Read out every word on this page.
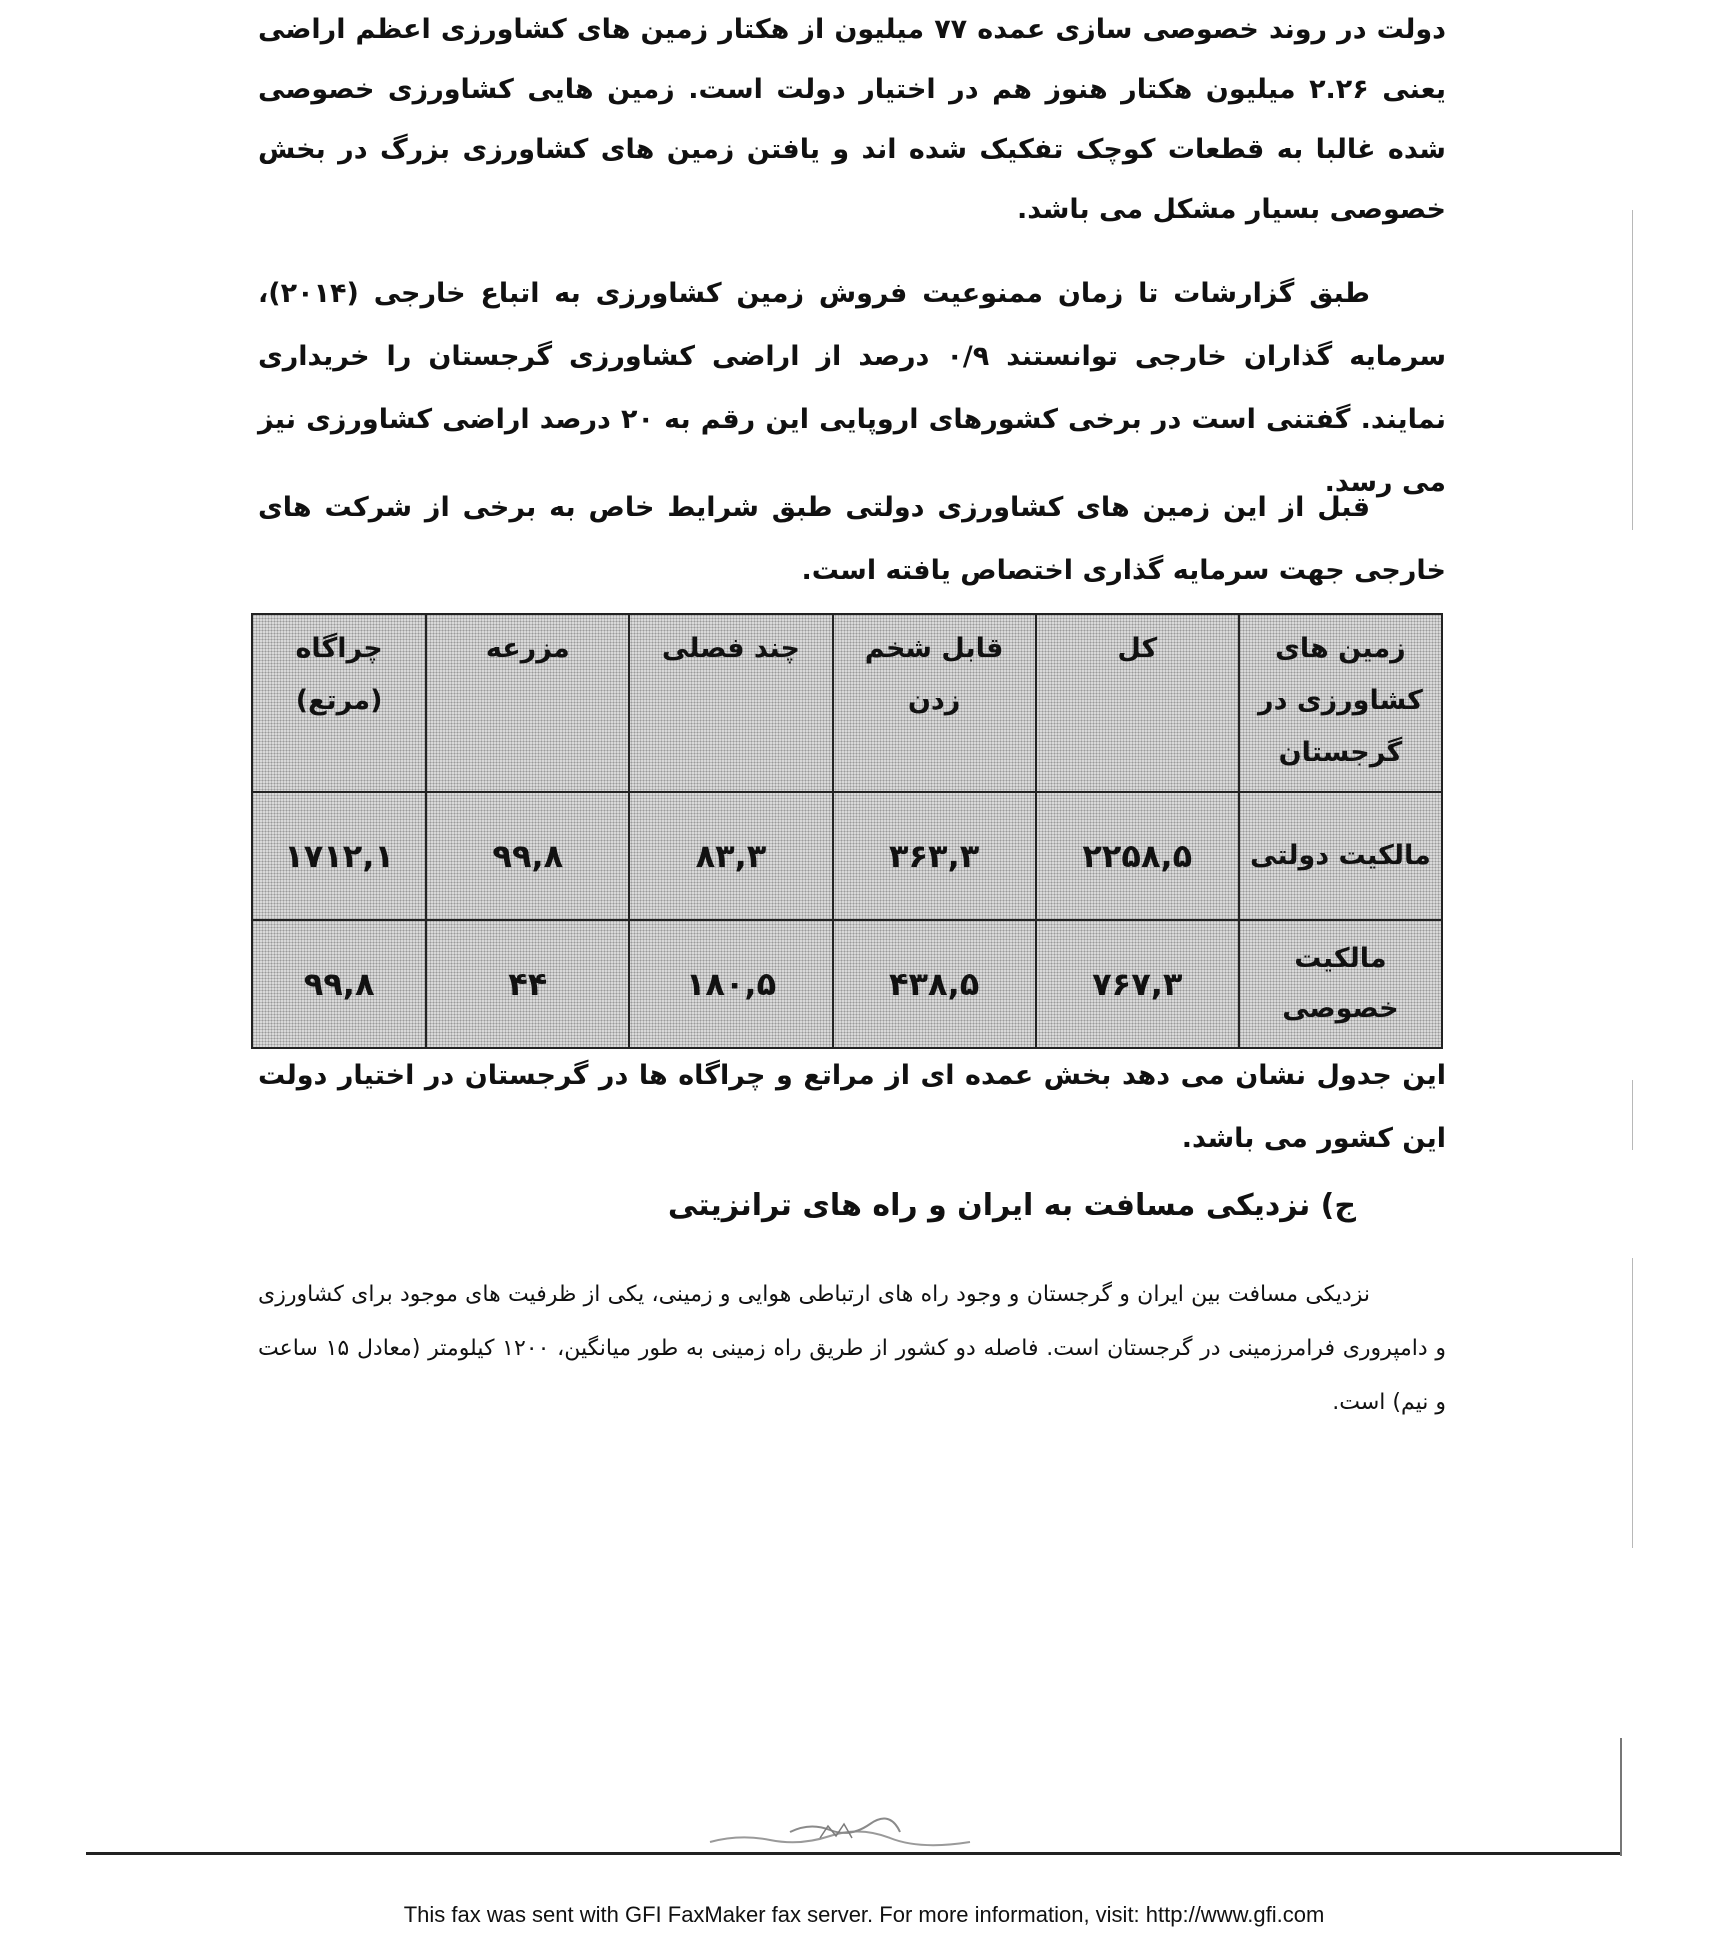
دولت در روند خصوصی سازی عمده ۷۷ میلیون از هکتار زمین های کشاورزی اعظم اراضی یعنی ۲.۲۶ میلیون هکتار هنوز هم در اختیار دولت است. زمین هایی کشاورزی خصوصی شده غالبا به قطعات کوچک تفکیک شده اند و یافتن زمین های کشاورزی بزرگ در بخش خصوصی بسیار مشکل می باشد.

طبق گزارشات تا زمان ممنوعیت فروش زمین کشاورزی به اتباع خارجی (۲۰۱۴)، سرمایه گذاران خارجی توانستند ۰/۹ درصد از اراضی کشاورزی گرجستان را خریداری نمایند. گفتنی است در برخی کشورهای اروپایی این رقم به ۲۰ درصد اراضی کشاورزی نیز می رسد.

قبل از این زمین های کشاورزی دولتی طبق شرایط خاص به برخی از شرکت های خارجی جهت سرمایه گذاری اختصاص یافته است.

زمین های کشاورزی در گرجستان	کل	قابل شخم زدن	چند فصلی	مزرعه	چراگاه (مرتع)
مالکیت دولتی	۲۲۵۸,۵	۳۶۳,۳	۸۳,۳	۹۹,۸	۱۷۱۲,۱
مالکیت خصوصی	۷۶۷,۳	۴۳۸,۵	۱۸۰,۵	۴۴	۹۹,۸

این جدول نشان می دهد بخش عمده ای از مراتع و چراگاه ها در گرجستان در اختیار دولت این کشور می باشد.

ج) نزدیکی مسافت به ایران و راه های ترانزیتی

نزدیکی مسافت بین ایران و گرجستان و وجود راه های ارتباطی هوایی و زمینی، یکی از ظرفیت های موجود برای کشاورزی و دامپروری فرامرزمینی در گرجستان است. فاصله دو کشور از طریق راه زمینی به طور میانگین، ۱۲۰۰ کیلومتر (معادل ۱۵ ساعت و نیم) است.

This fax was sent with GFI FaxMaker fax server. For more information, visit: http://www.gfi.com
